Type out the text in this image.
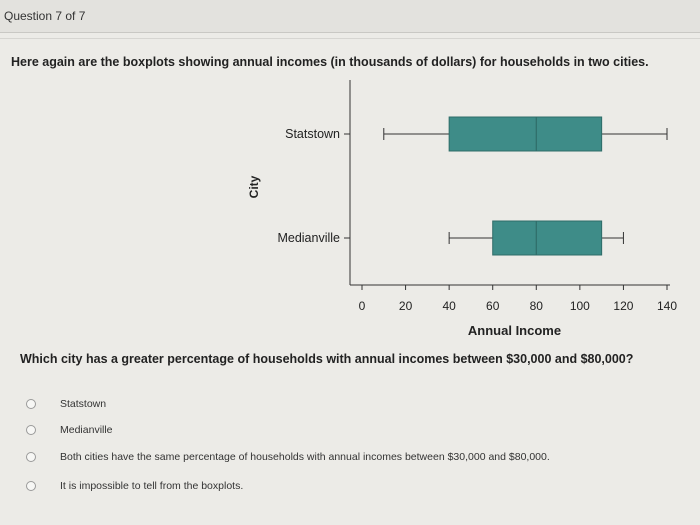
Question 7 of 7
Here again are the boxplots showing annual incomes (in thousands of dollars) for households in two cities.
0	20	40	60	80 100 120 140
Annual Income
City
Statstown
Medianville
Which city has a greater percentage of households with annual incomes between $30,000 and $80,000?
Statstown
Medianville
Both cities have the same percentage of households with annual incomes between $30,000 and $80,000.
It is impossible to tell from the boxplots.
